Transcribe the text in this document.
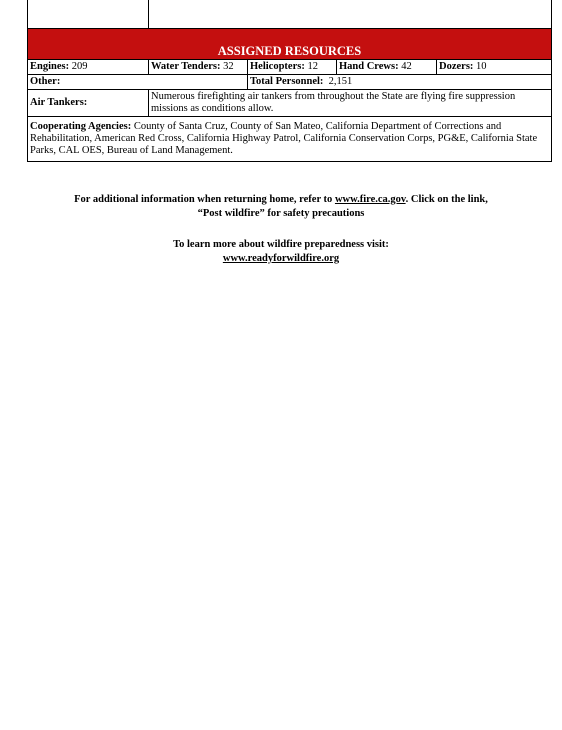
ASSIGNED RESOURCES				
Engines: 209	Water Tenders: 32	Helicopters: 12	Hand Crews: 42	Dozers: 10
Other:		Total Personnel: 2,151		
Air Tankers:	Numerous firefighting air tankers from throughout the State are flying fire suppression missions as conditions allow.			
Cooperating Agencies: County of Santa Cruz, County of San Mateo, California Department of Corrections and Rehabilitation, American Red Cross, California Highway Patrol, California Conservation Corps, PG&E, California State Parks, CAL OES, Bureau of Land Management.				
For additional information when returning home, refer to www.fire.ca.gov. Click on the link,
“Post wildfire” for safety precautions
To learn more about wildfire preparedness visit:
www.readyforwildfire.org
